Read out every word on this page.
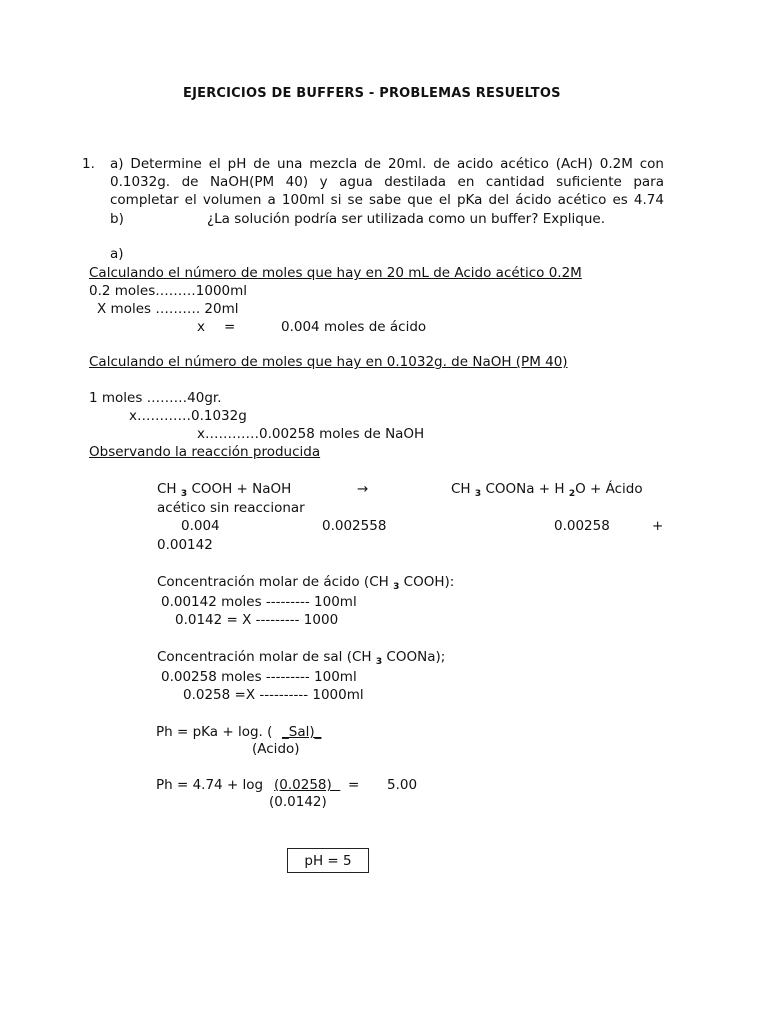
EJERCICIOS DE BUFFERS - PROBLEMAS RESUELTOS
1. a) Determine el pH de una mezcla de 20ml. de acido acético (AcH) 0.2M con
0.1032g. de NaOH(PM 40) y agua destilada en cantidad suficiente para
completar el volumen a 100ml si se sabe que el pKa del ácido acético es 4.74
b)	¿La solución podría ser utilizada como un buffer? Explique.
a)
Calculando el número de moles que hay en 20 mL de Acido acético 0.2M
0.2 moles………1000ml
X moles ………. 20ml
x =	0.004 moles de ácido
Calculando el número de moles que hay en 0.1032g. de NaOH (PM 40)
1 moles ………40gr.
x…………0.1032g
x…………0.00258 moles de NaOH
Observando la reacción producida
CH $_3$ COOH + NaOH	→	CH $_3$ COONa + H $_2$O + Ácido
acético sin reaccionar
0.004	0.002558	0.00258	+
0.00142
Concentración molar de ácido (CH $_3$ COOH):
0.00142 moles --------- 100ml
0.0142 = X --------- 1000
Concentración molar de sal (CH $_3$ COONa);
0.00258 moles --------- 100ml
0.0258 =X ---------- 1000ml
Ph = pKa + log. ( _Sal)_
(Acido)
Ph = 4.74 + log (0.0258) = 5.00
(0.0142)
pH = 5
